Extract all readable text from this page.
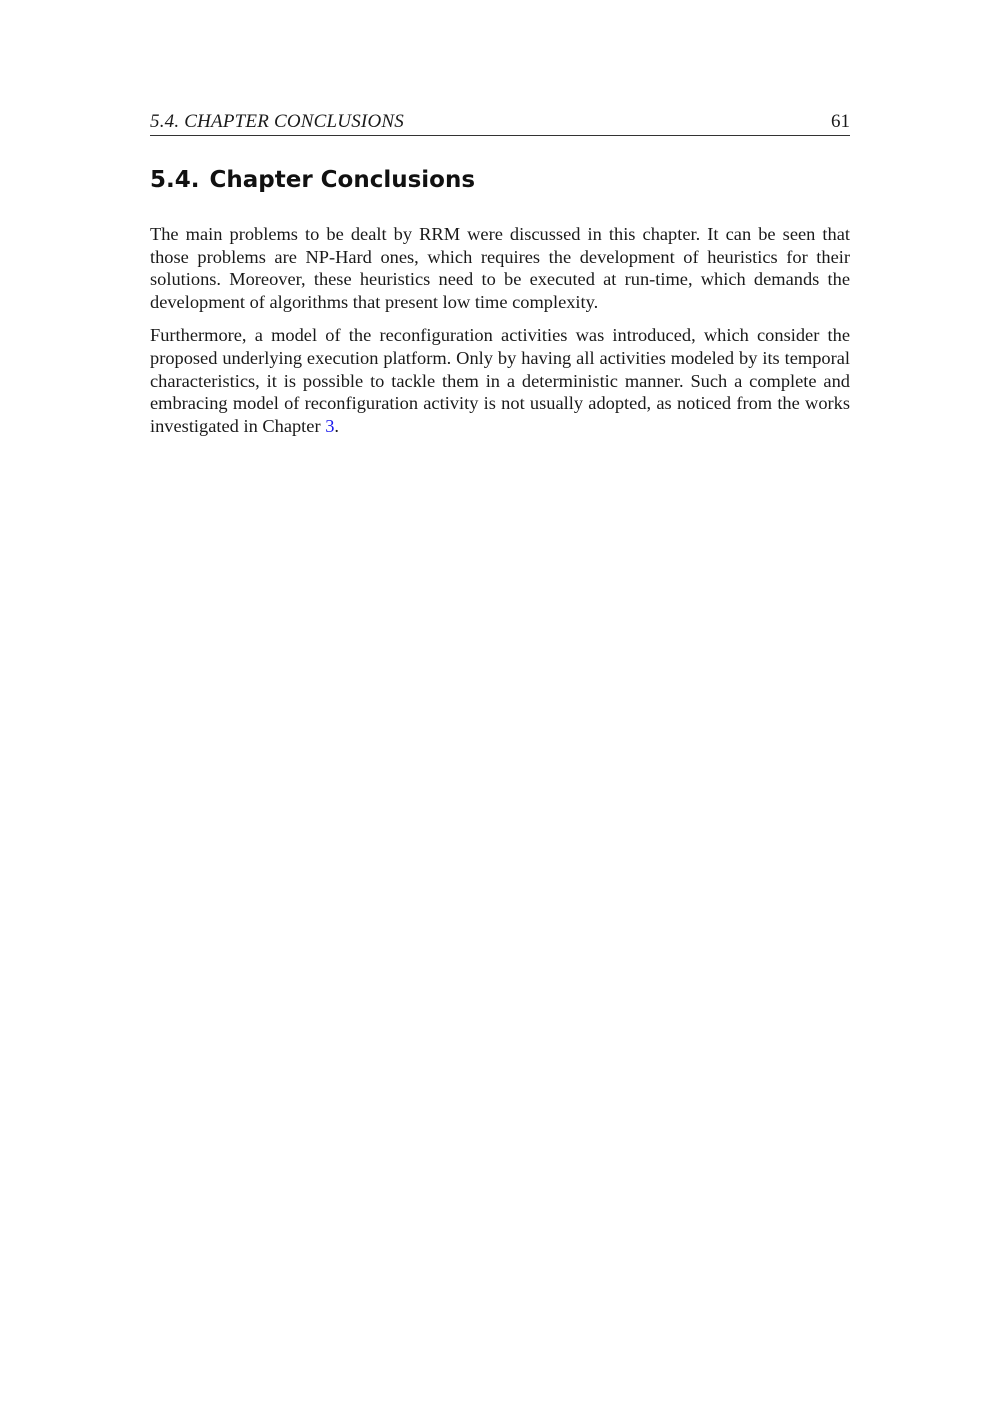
5.4. CHAPTER CONCLUSIONS	61
5.4. Chapter Conclusions

The main problems to be dealt by RRM were discussed in this chapter. It can be seen that those problems are NP-Hard ones, which requires the development of heuristics for their solutions. Moreover, these heuristics need to be executed at run-time, which demands the development of algorithms that present low time complexity.

Furthermore, a model of the reconfiguration activities was introduced, which consider the proposed underlying execution platform. Only by having all activities modeled by its temporal characteristics, it is possible to tackle them in a deterministic manner. Such a complete and embracing model of reconfiguration activity is not usually adopted, as noticed from the works investigated in Chapter 3.
